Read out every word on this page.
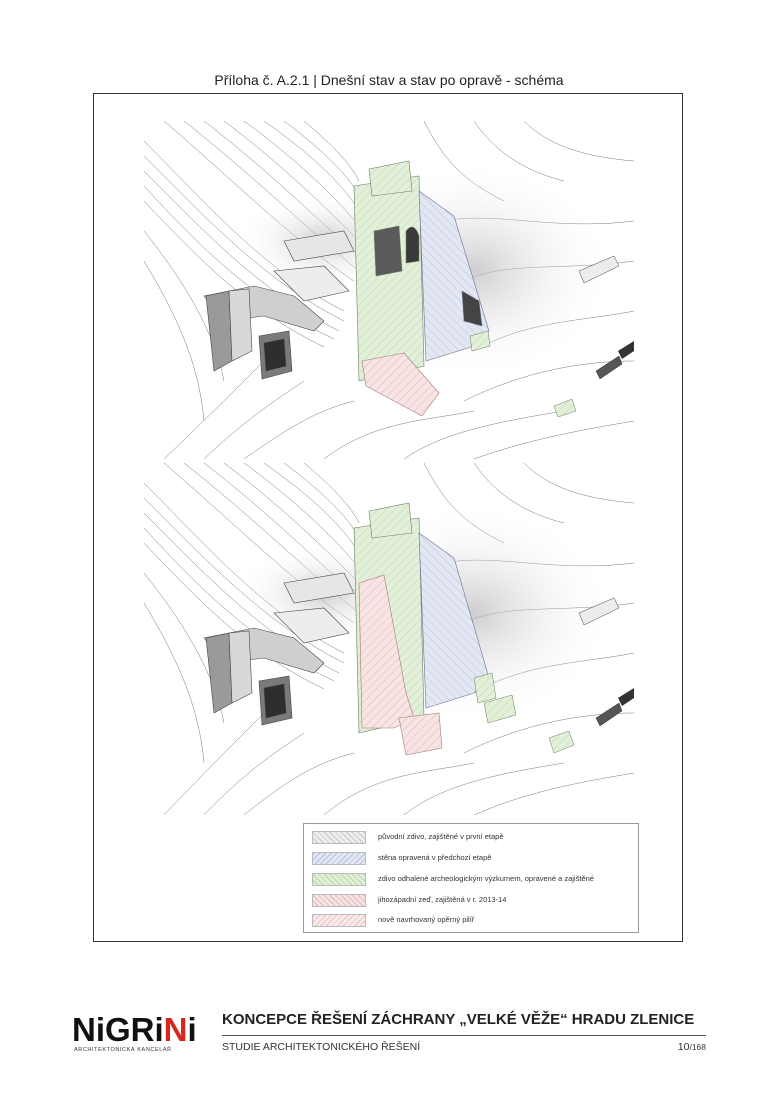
Příloha č. A.2.1 | Dnešní stav a stav po opravě - schéma
původní zdivo, zajištěné v první etapě
stěna opravená v předchozí etapě
zdivo odhalené archeologickým výzkumem, opravené a zajištěné
jihozápadní zeď, zajištěná v r. 2013-14
nově navrhovaný opěrný pilíř
NiGRiNi
ARCHITEKTONICKÁ KANCELÁŘ
KONCEPCE ŘEŠENÍ ZÁCHRANY „VELKÉ VĚŽE“ HRADU ZLENICE
STUDIE ARCHITEKTONICKÉHO ŘEŠENÍ	10/168
